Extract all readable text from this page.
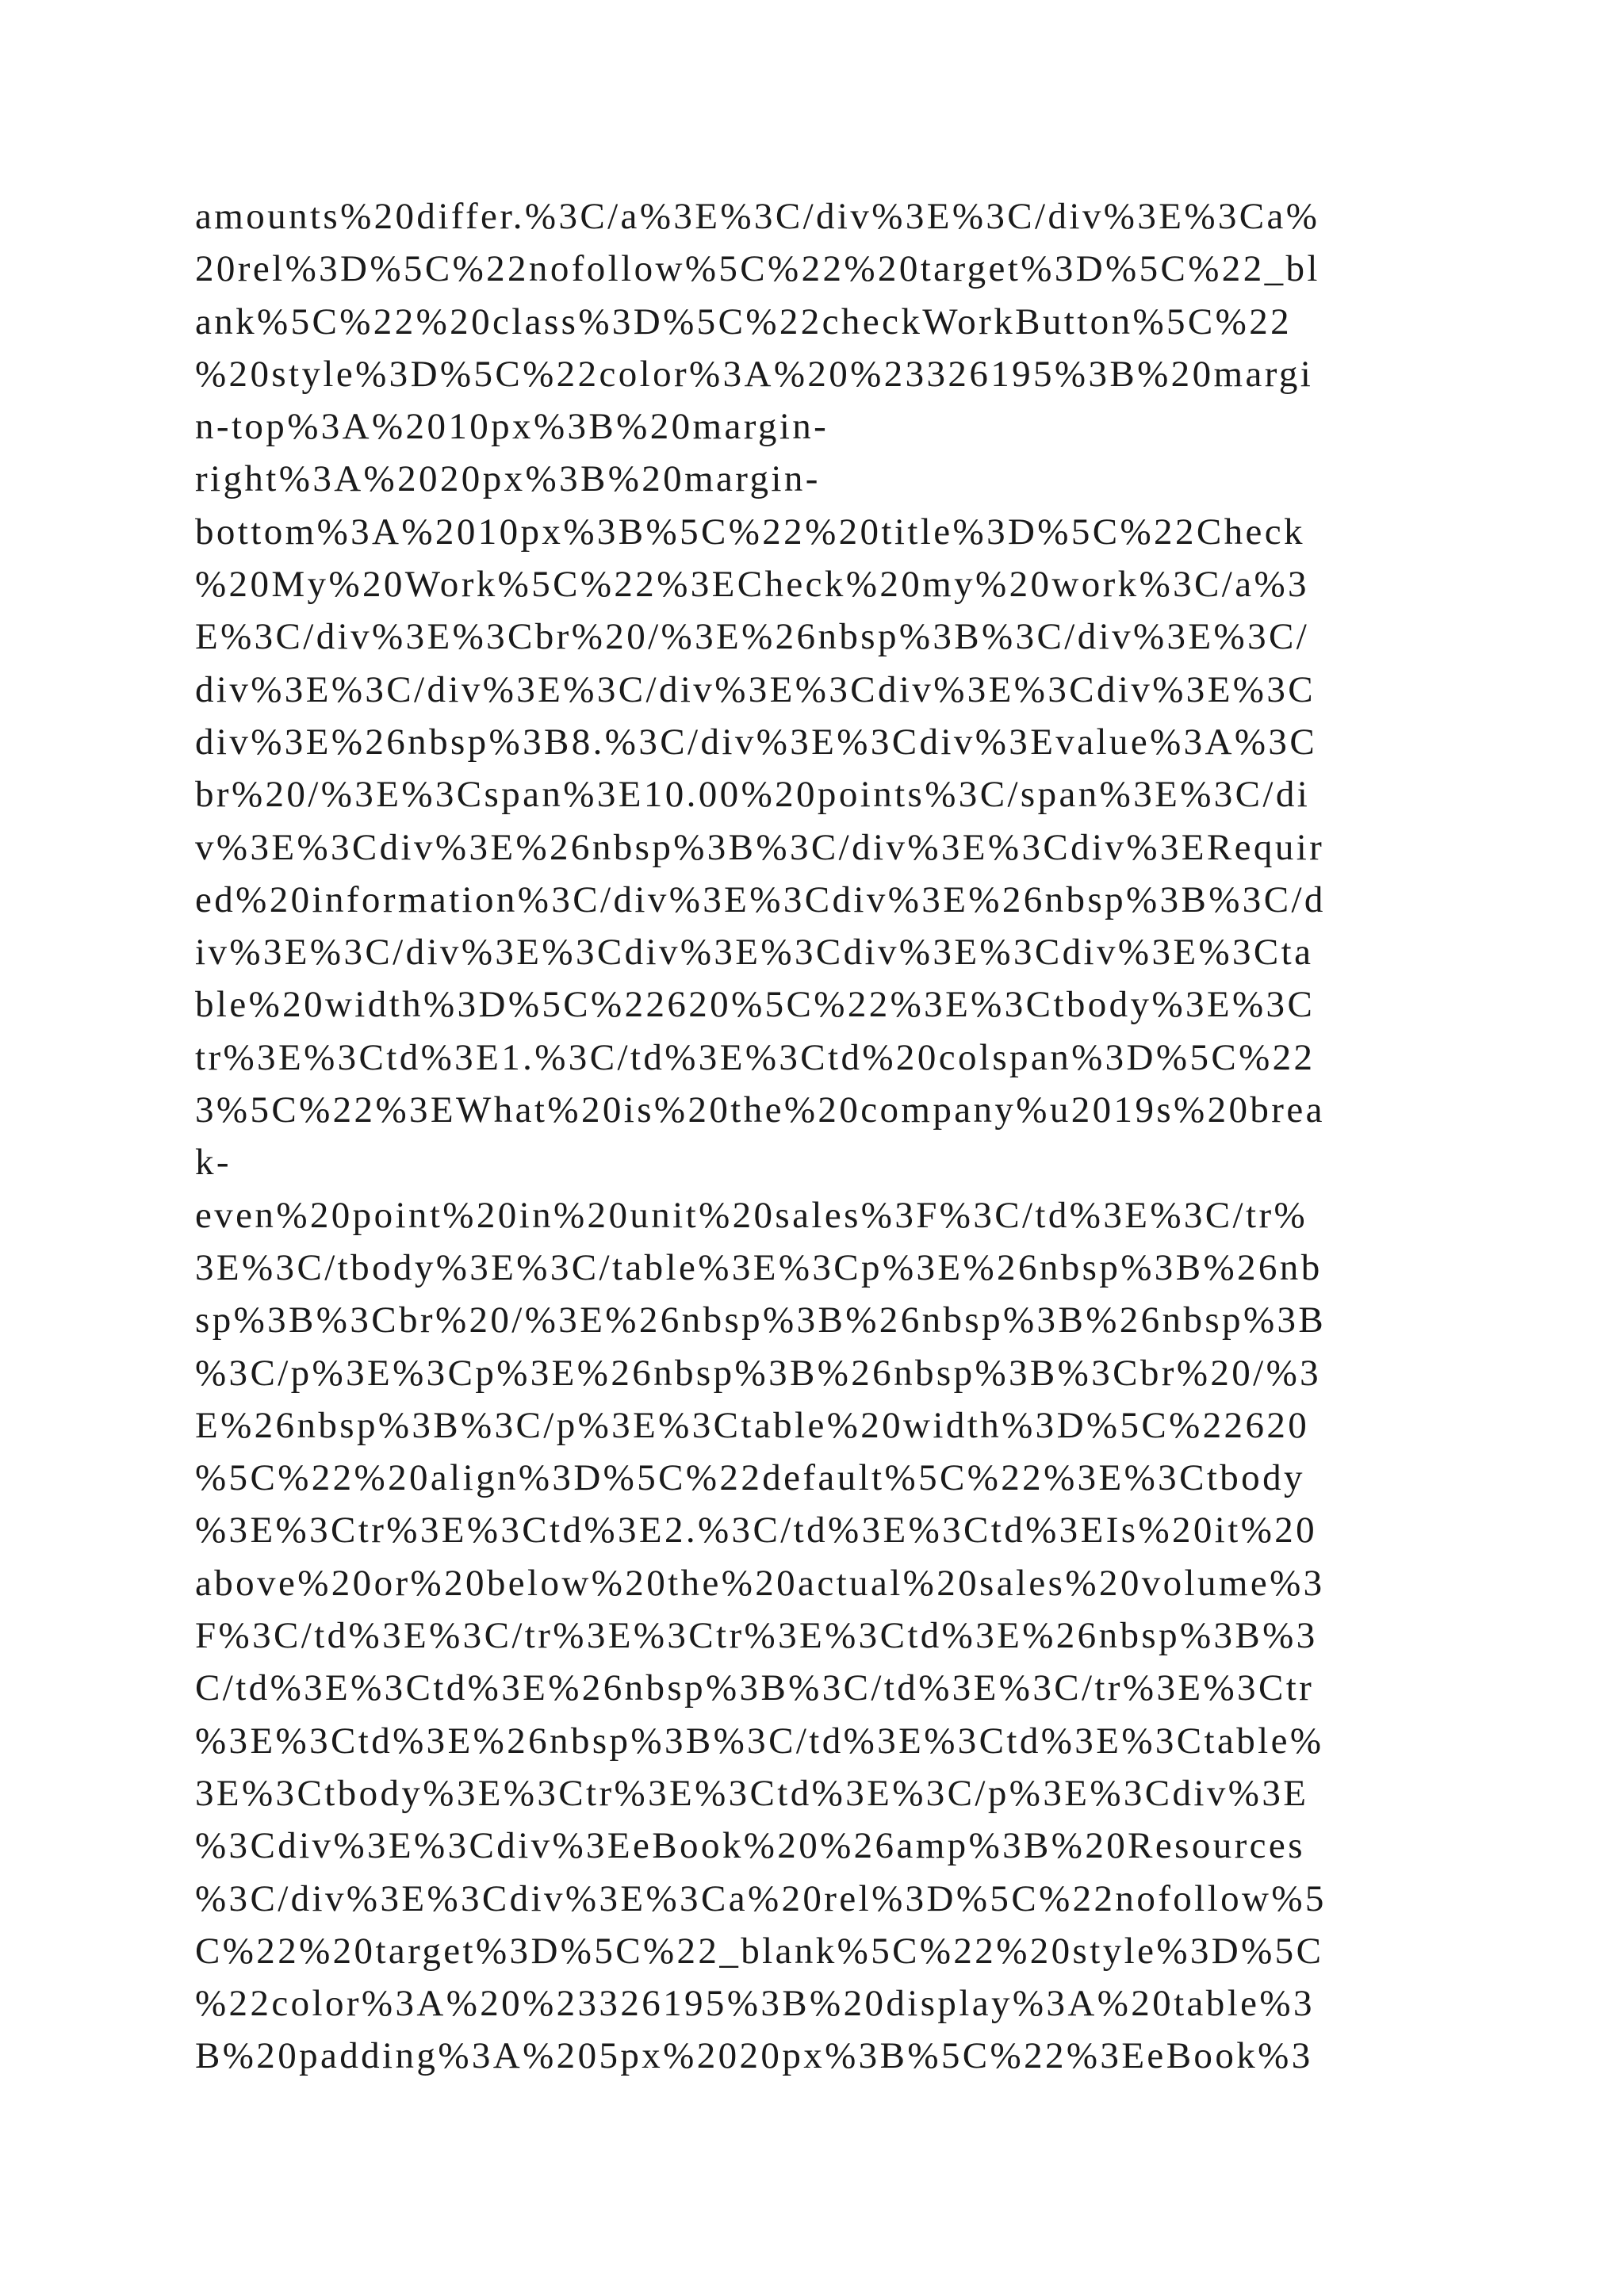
amounts%20differ.%3C/a%3E%3C/div%3E%3C/div%3E%3Ca%
20rel%3D%5C%22nofollow%5C%22%20target%3D%5C%22_bl
ank%5C%22%20class%3D%5C%22checkWorkButton%5C%22
%20style%3D%5C%22color%3A%20%23326195%3B%20margi
n-top%3A%2010px%3B%20margin-
right%3A%2020px%3B%20margin-
bottom%3A%2010px%3B%5C%22%20title%3D%5C%22Check
%20My%20Work%5C%22%3ECheck%20my%20work%3C/a%3
E%3C/div%3E%3Cbr%20/%3E%26nbsp%3B%3C/div%3E%3C/
div%3E%3C/div%3E%3C/div%3E%3Cdiv%3E%3Cdiv%3E%3C
div%3E%26nbsp%3B8.%3C/div%3E%3Cdiv%3Evalue%3A%3C
br%20/%3E%3Cspan%3E10.00%20points%3C/span%3E%3C/di
v%3E%3Cdiv%3E%26nbsp%3B%3C/div%3E%3Cdiv%3ERequir
ed%20information%3C/div%3E%3Cdiv%3E%26nbsp%3B%3C/d
iv%3E%3C/div%3E%3Cdiv%3E%3Cdiv%3E%3Cdiv%3E%3Cta
ble%20width%3D%5C%22620%5C%22%3E%3Ctbody%3E%3C
tr%3E%3Ctd%3E1.%3C/td%3E%3Ctd%20colspan%3D%5C%22
3%5C%22%3EWhat%20is%20the%20company%u2019s%20brea
k-
even%20point%20in%20unit%20sales%3F%3C/td%3E%3C/tr%
3E%3C/tbody%3E%3C/table%3E%3Cp%3E%26nbsp%3B%26nb
sp%3B%3Cbr%20/%3E%26nbsp%3B%26nbsp%3B%26nbsp%3B
%3C/p%3E%3Cp%3E%26nbsp%3B%26nbsp%3B%3Cbr%20/%3
E%26nbsp%3B%3C/p%3E%3Ctable%20width%3D%5C%22620
%5C%22%20align%3D%5C%22default%5C%22%3E%3Ctbody
%3E%3Ctr%3E%3Ctd%3E2.%3C/td%3E%3Ctd%3EIs%20it%20
above%20or%20below%20the%20actual%20sales%20volume%3
F%3C/td%3E%3C/tr%3E%3Ctr%3E%3Ctd%3E%26nbsp%3B%3
C/td%3E%3Ctd%3E%26nbsp%3B%3C/td%3E%3C/tr%3E%3Ctr
%3E%3Ctd%3E%26nbsp%3B%3C/td%3E%3Ctd%3E%3Ctable%
3E%3Ctbody%3E%3Ctr%3E%3Ctd%3E%3C/p%3E%3Cdiv%3E
%3Cdiv%3E%3Cdiv%3EeBook%20%26amp%3B%20Resources
%3C/div%3E%3Cdiv%3E%3Ca%20rel%3D%5C%22nofollow%5
C%22%20target%3D%5C%22_blank%5C%22%20style%3D%5C
%22color%3A%20%23326195%3B%20display%3A%20table%3
B%20padding%3A%205px%2020px%3B%5C%22%3EeBook%3
